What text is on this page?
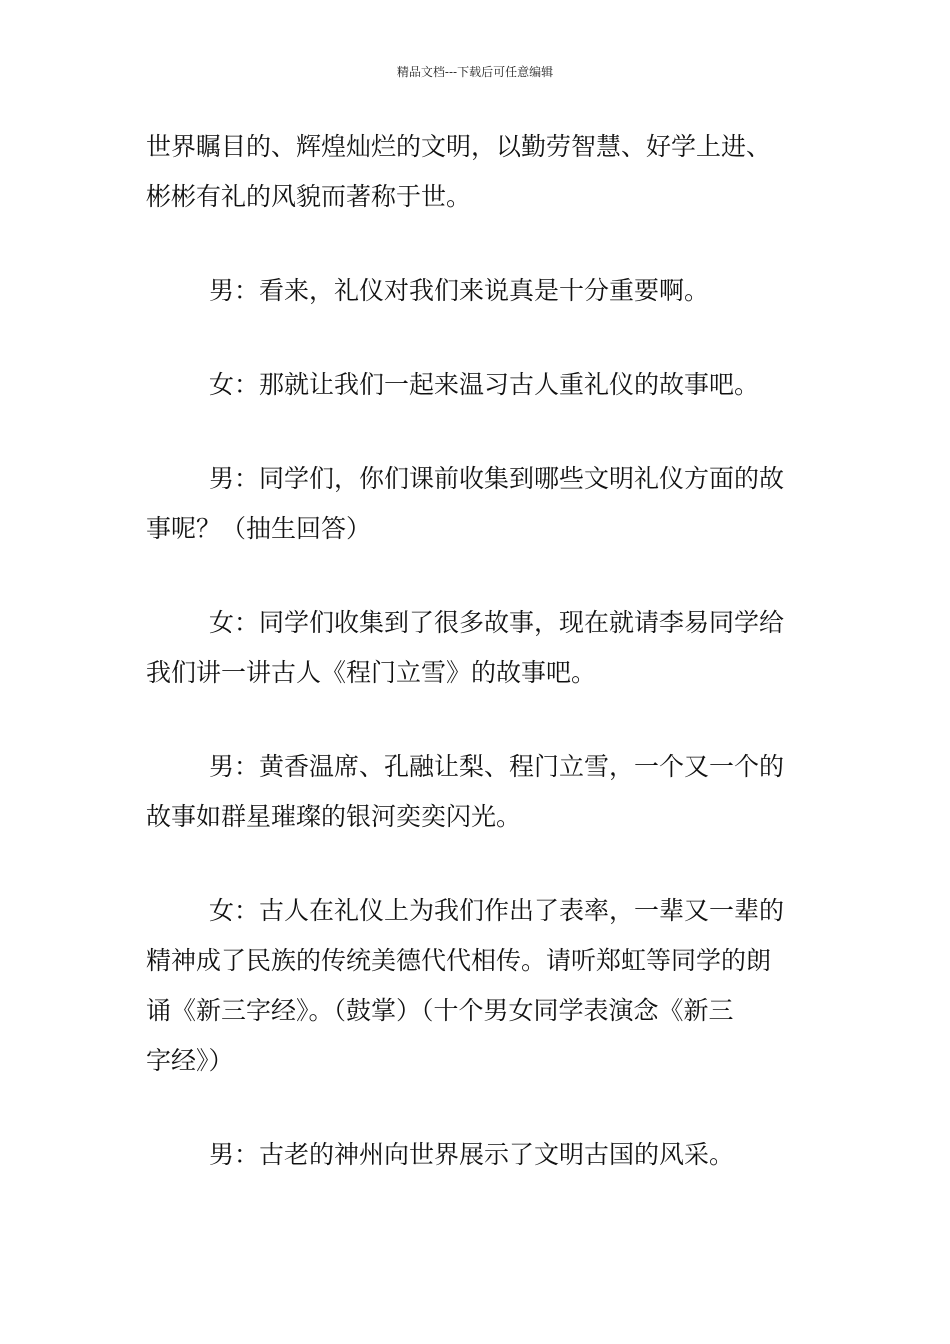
精品文档---下载后可任意编辑

世界瞩目的、辉煌灿烂的文明，以勤劳智慧、好学上进、
彬彬有礼的风貌而著称于世。

男：看来，礼仪对我们来说真是十分重要啊。

女：那就让我们一起来温习古人重礼仪的故事吧。

男：同学们，你们课前收集到哪些文明礼仪方面的故
事呢？（抽生回答）

女：同学们收集到了很多故事，现在就请李易同学给
我们讲一讲古人《程门立雪》的故事吧。

男：黄香温席、孔融让梨、程门立雪，一个又一个的
故事如群星璀璨的银河奕奕闪光。

女：古人在礼仪上为我们作出了表率，一辈又一辈的
精神成了民族的传统美德代代相传。请听郑虹等同学的朗
诵《新三字经》。（鼓掌）（十个男女同学表演念《新三
字经》）

男：古老的神州向世界展示了文明古国的风采。
